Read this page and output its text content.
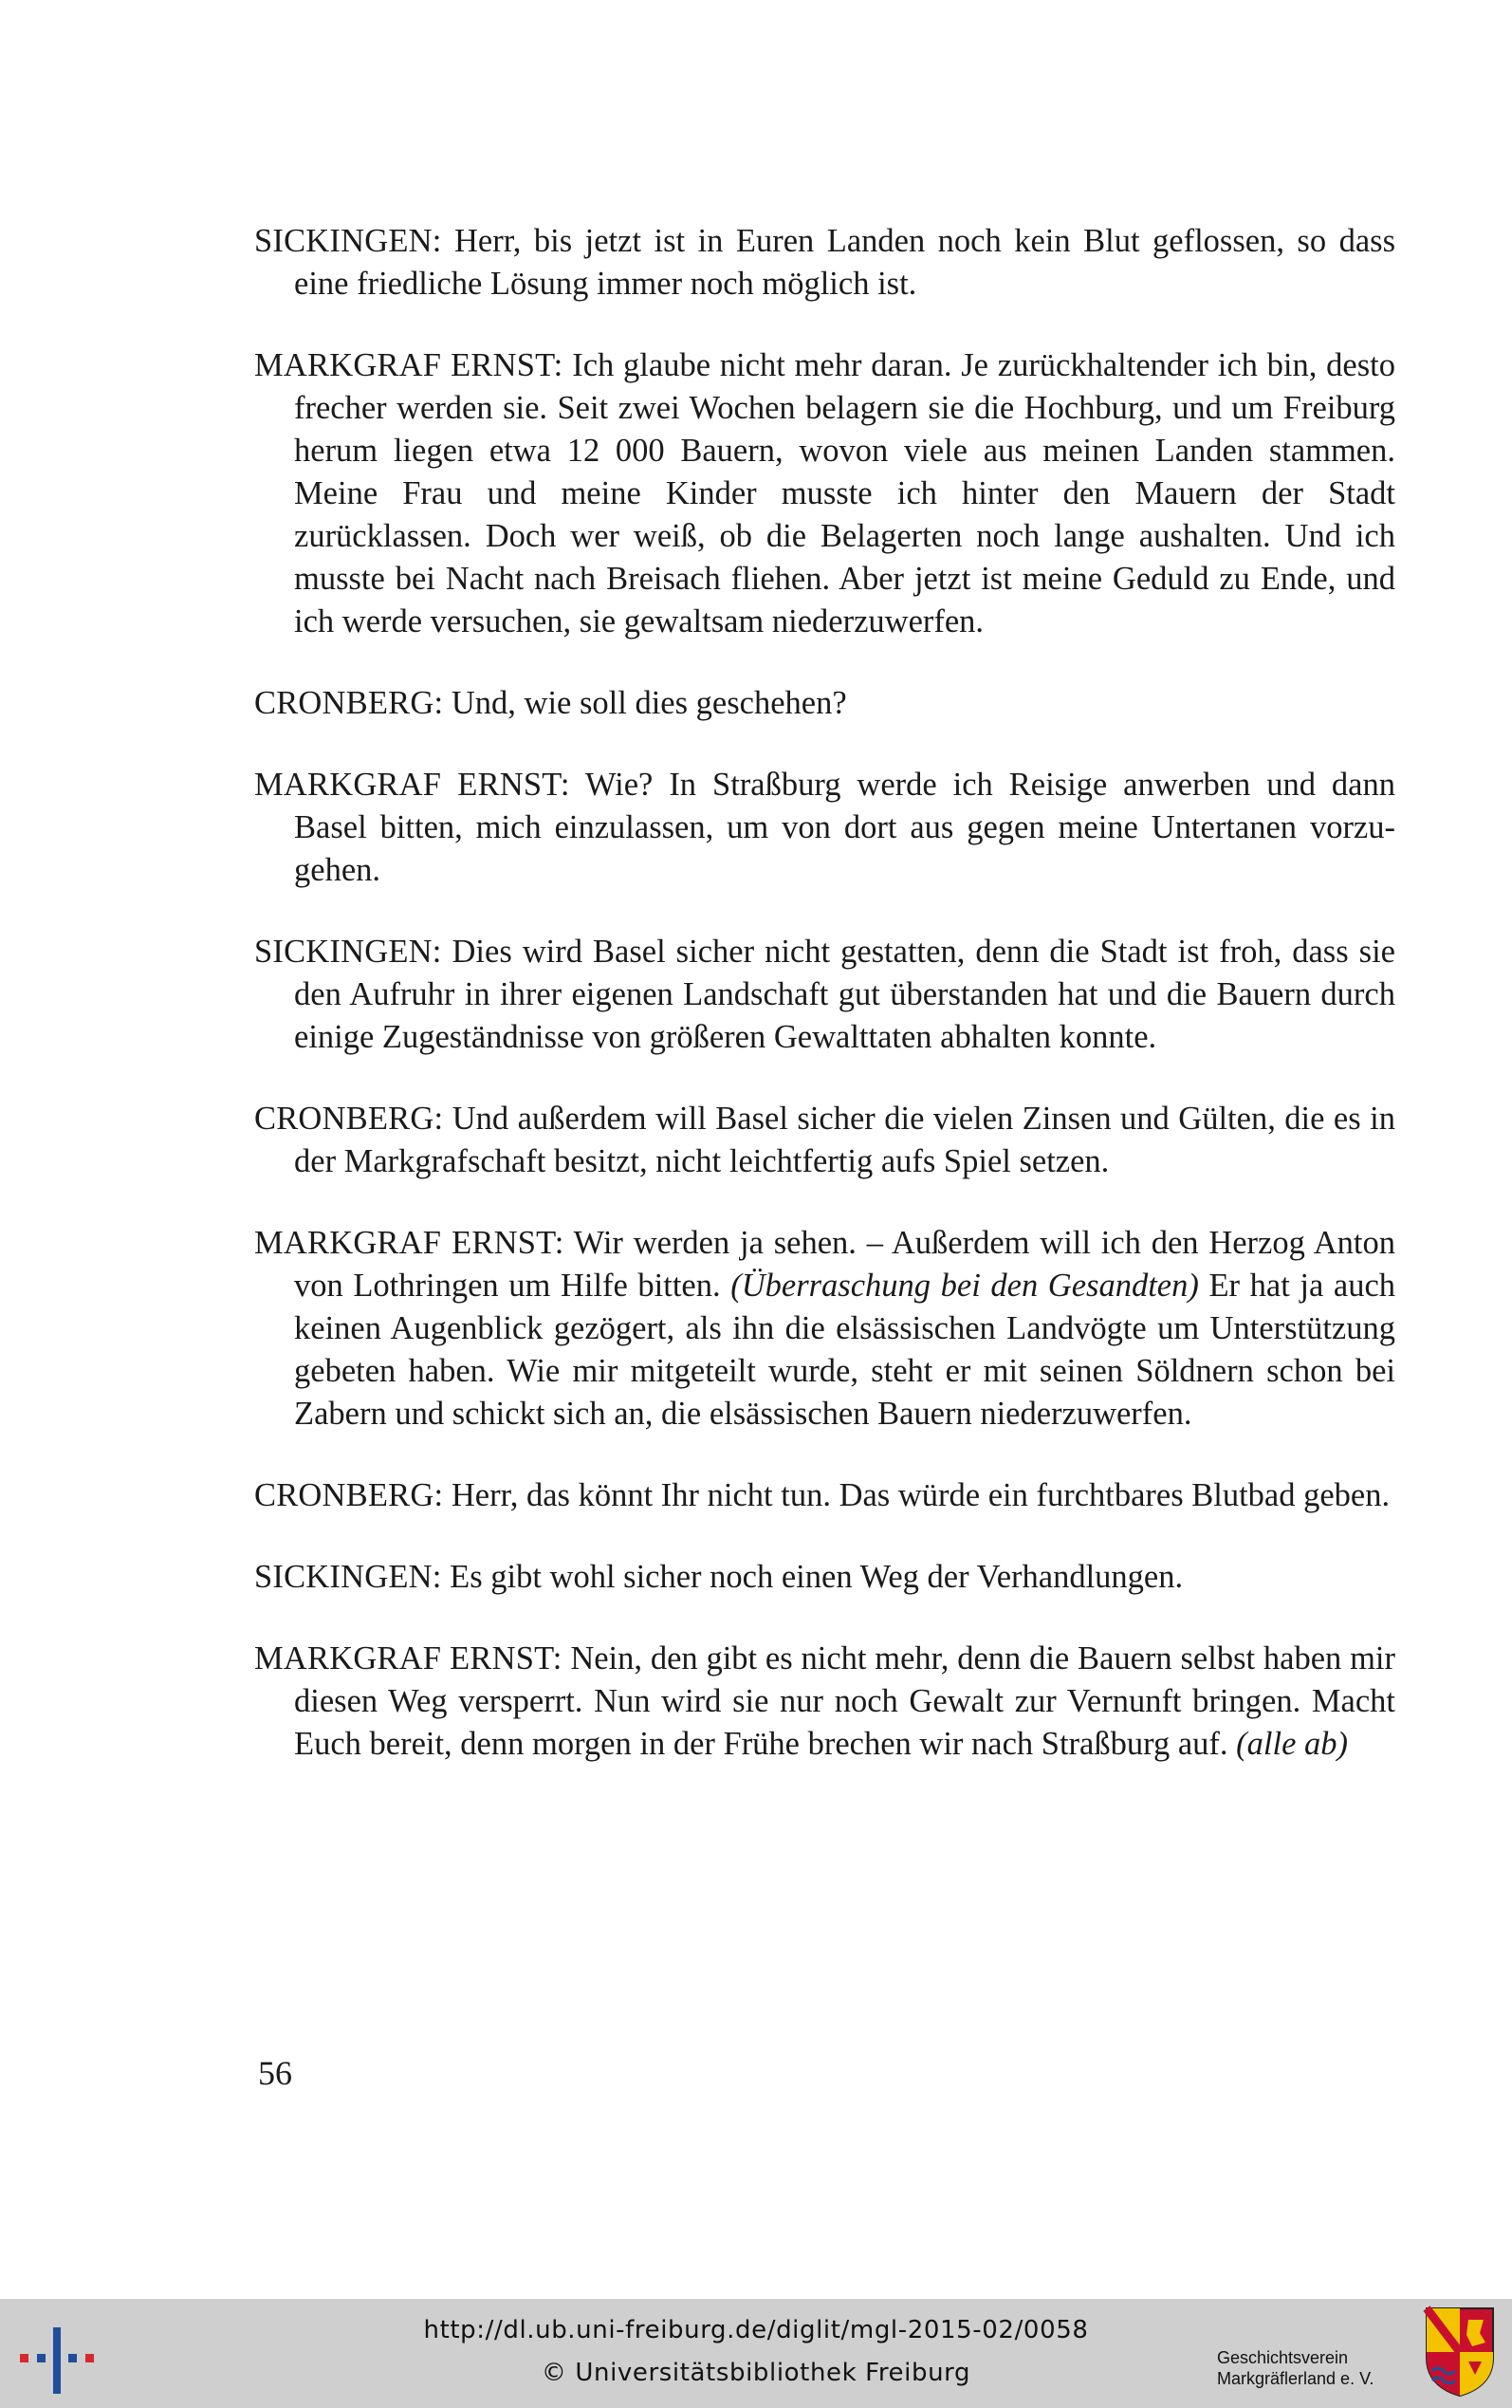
SICKINGEN: Herr, bis jetzt ist in Euren Landen noch kein Blut geflossen, so dass eine friedliche Lösung immer noch möglich ist.

MARKGRAF ERNST: Ich glaube nicht mehr daran. Je zurückhaltender ich bin, desto frecher werden sie. Seit zwei Wochen belagern sie die Hochburg, und um Freiburg herum liegen etwa 12 000 Bauern, wovon viele aus meinen Landen stammen. Meine Frau und meine Kinder musste ich hinter den Mauern der Stadt zurücklassen. Doch wer weiß, ob die Belagerten noch lange aushalten. Und ich musste bei Nacht nach Breisach fliehen. Aber jetzt ist meine Geduld zu Ende, und ich werde versuchen, sie gewaltsam niederzuwerfen.

CRONBERG: Und, wie soll dies geschehen?

MARKGRAF ERNST: Wie? In Straßburg werde ich Reisige anwerben und dann Basel bitten, mich einzulassen, um von dort aus gegen meine Untertanen vorzugehen.

SICKINGEN: Dies wird Basel sicher nicht gestatten, denn die Stadt ist froh, dass sie den Aufruhr in ihrer eigenen Landschaft gut überstanden hat und die Bauern durch einige Zugeständnisse von größeren Gewalttaten abhalten konnte.

CRONBERG: Und außerdem will Basel sicher die vielen Zinsen und Gülten, die es in der Markgrafschaft besitzt, nicht leichtfertig aufs Spiel setzen.

MARKGRAF ERNST: Wir werden ja sehen. – Außerdem will ich den Herzog Anton von Lothringen um Hilfe bitten. (Überraschung bei den Gesandten) Er hat ja auch keinen Augenblick gezögert, als ihn die elsässischen Landvögte um Unterstützung gebeten haben. Wie mir mitgeteilt wurde, steht er mit seinen Söldnern schon bei Zabern und schickt sich an, die elsässischen Bauern niederzuwerfen.

CRONBERG: Herr, das könnt Ihr nicht tun. Das würde ein furchtbares Blutbad geben.

SICKINGEN: Es gibt wohl sicher noch einen Weg der Verhandlungen.

MARKGRAF ERNST: Nein, den gibt es nicht mehr, denn die Bauern selbst haben mir diesen Weg versperrt. Nun wird sie nur noch Gewalt zur Vernunft bringen. Macht Euch bereit, denn morgen in der Frühe brechen wir nach Straßburg auf. (alle ab)

56
http://dl.ub.uni-freiburg.de/diglit/mgl-2015-02/0058
© Universitätsbibliothek Freiburg
Geschichtsverein
Markgräflerland e. V.
